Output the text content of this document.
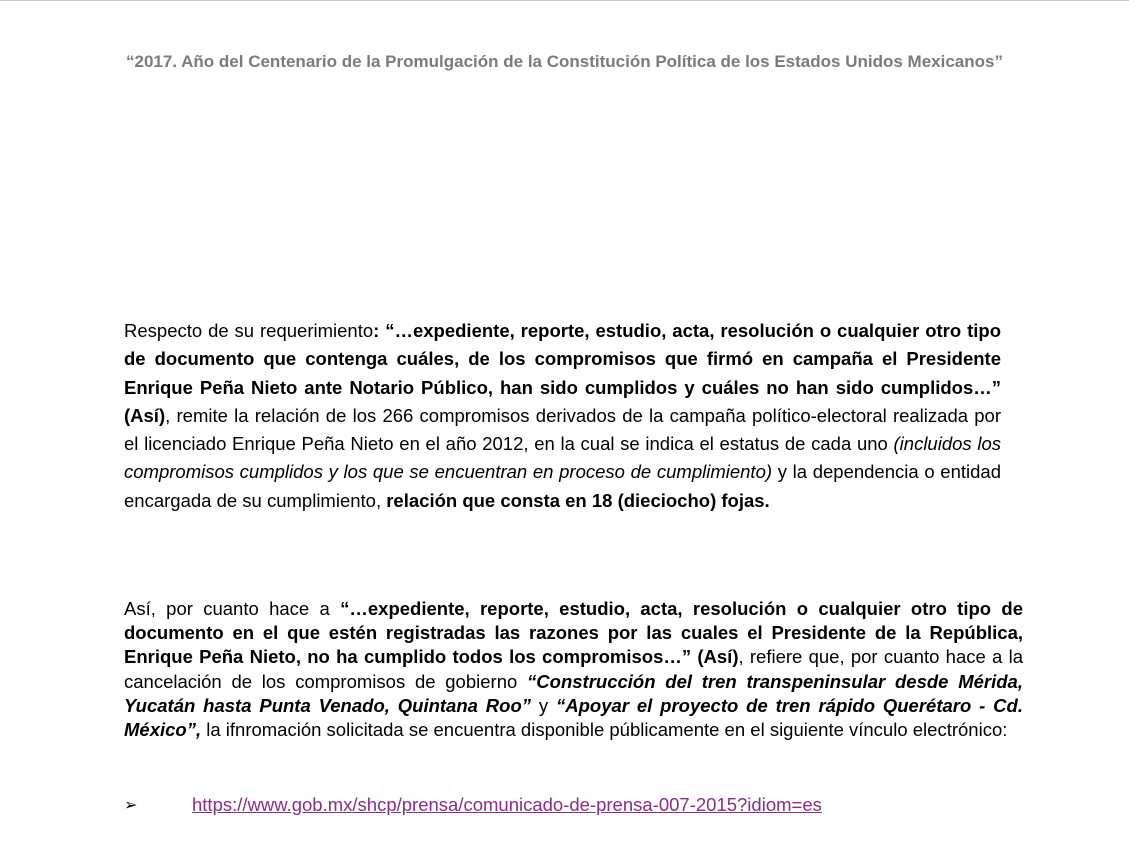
“2017. Año del Centenario de la Promulgación de la Constitución Política de los Estados Unidos Mexicanos”
Respecto de su requerimiento: “…expediente, reporte, estudio, acta, resolución o cualquier otro tipo de documento que contenga cuáles, de los compromisos que firmó en campaña el Presidente Enrique Peña Nieto ante Notario Público, han sido cumplidos y cuáles no han sido cumplidos…” (Así), remite la relación de los 266 compromisos derivados de la campaña político-electoral realizada por el licenciado Enrique Peña Nieto en el año 2012, en la cual se indica el estatus de cada uno (incluidos los compromisos cumplidos y los que se encuentran en proceso de cumplimiento) y la dependencia o entidad encargada de su cumplimiento, relación que consta en 18 (dieciocho) fojas.
Así, por cuanto hace a “…expediente, reporte, estudio, acta, resolución o cualquier otro tipo de documento en el que estén registradas las razones por las cuales el Presidente de la República, Enrique Peña Nieto, no ha cumplido todos los compromisos…” (Así), refiere que, por cuanto hace a la cancelación de los compromisos de gobierno “Construcción del tren transpeninsular desde Mérida, Yucatán hasta Punta Venado, Quintana Roo” y “Apoyar el proyecto de tren rápido Querétaro - Cd. México”, la ifnromación solicitada se encuentra disponible públicamente en el siguiente vínculo electrónico:
➢	https://www.gob.mx/shcp/prensa/comunicado-de-prensa-007-2015?idiom=es
